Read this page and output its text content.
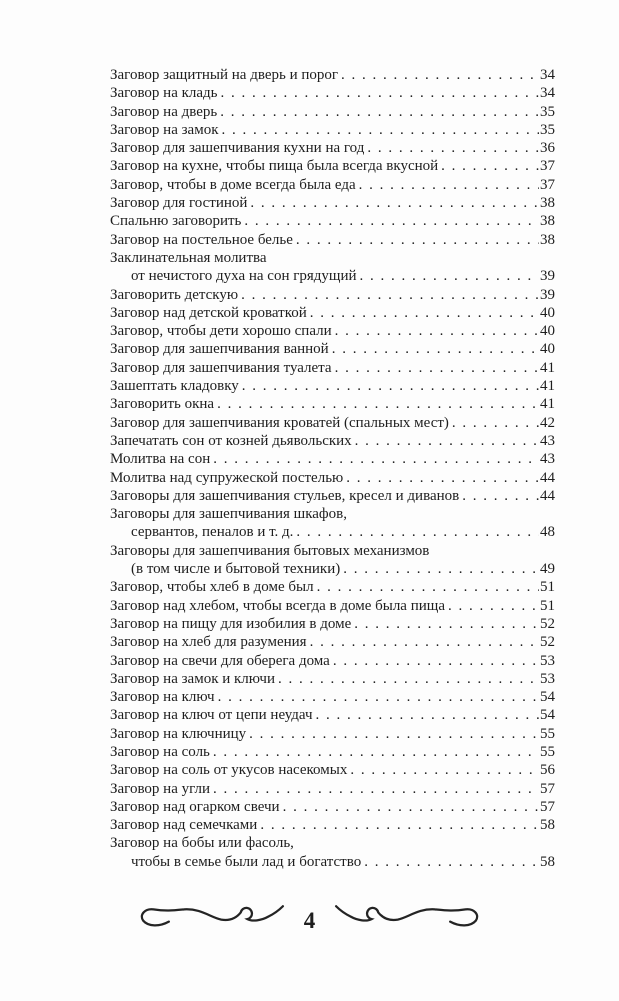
Заговор защитный на дверь и порог . . .	34
Заговор на кладь . . .	34
Заговор на дверь . . .	35
Заговор на замок . . .	35
Заговор для зашепчивания кухни на год . . .	36
Заговор на кухне, чтобы пища была всегда вкусной . . .	37
Заговор, чтобы в доме всегда была еда . . .	37
Заговор для гостиной . . .	38
Спальню заговорить . . .	38
Заговор на постельное белье . . .	38
Заклинательная молитва
от нечистого духа на сон грядущий . . .	39
Заговорить детскую . . .	39
Заговор над детской кроваткой . . .	40
Заговор, чтобы дети хорошо спали . . .	40
Заговор для зашепчивания ванной . . .	40
Заговор для зашепчивания туалета . . .	41
Зашептать кладовку . . .	41
Заговорить окна . . .	41
Заговор для зашепчивания кроватей (спальных мест) . . .	42
Запечатать сон от козней дьявольских . . .	43
Молитва на сон . . .	43
Молитва над супружеской постелью . . .	44
Заговоры для зашепчивания стульев, кресел и диванов . . .	44
Заговоры для зашепчивания шкафов,
сервантов, пеналов и т. д. . . .	48
Заговоры для зашепчивания бытовых механизмов
(в том числе и бытовой техники) . . .	49
Заговор, чтобы хлеб в доме был . . .	51
Заговор над хлебом, чтобы всегда в доме была пища . . .	51
Заговор на пищу для изобилия в доме . . .	52
Заговор на хлеб для разумения . . .	52
Заговор на свечи для оберега дома . . .	53
Заговор на замок и ключи . . .	53
Заговор на ключ . . .	54
Заговор на ключ от цепи неудач . . .	54
Заговор на ключницу . . .	55
Заговор на соль . . .	55
Заговор на соль от укусов насекомых . . .	56
Заговор на угли . . .	57
Заговор над огарком свечи . . .	57
Заговор над семечками . . .	58
Заговор на бобы или фасоль,
чтобы в семье были лад и богатство . . .	58
4
